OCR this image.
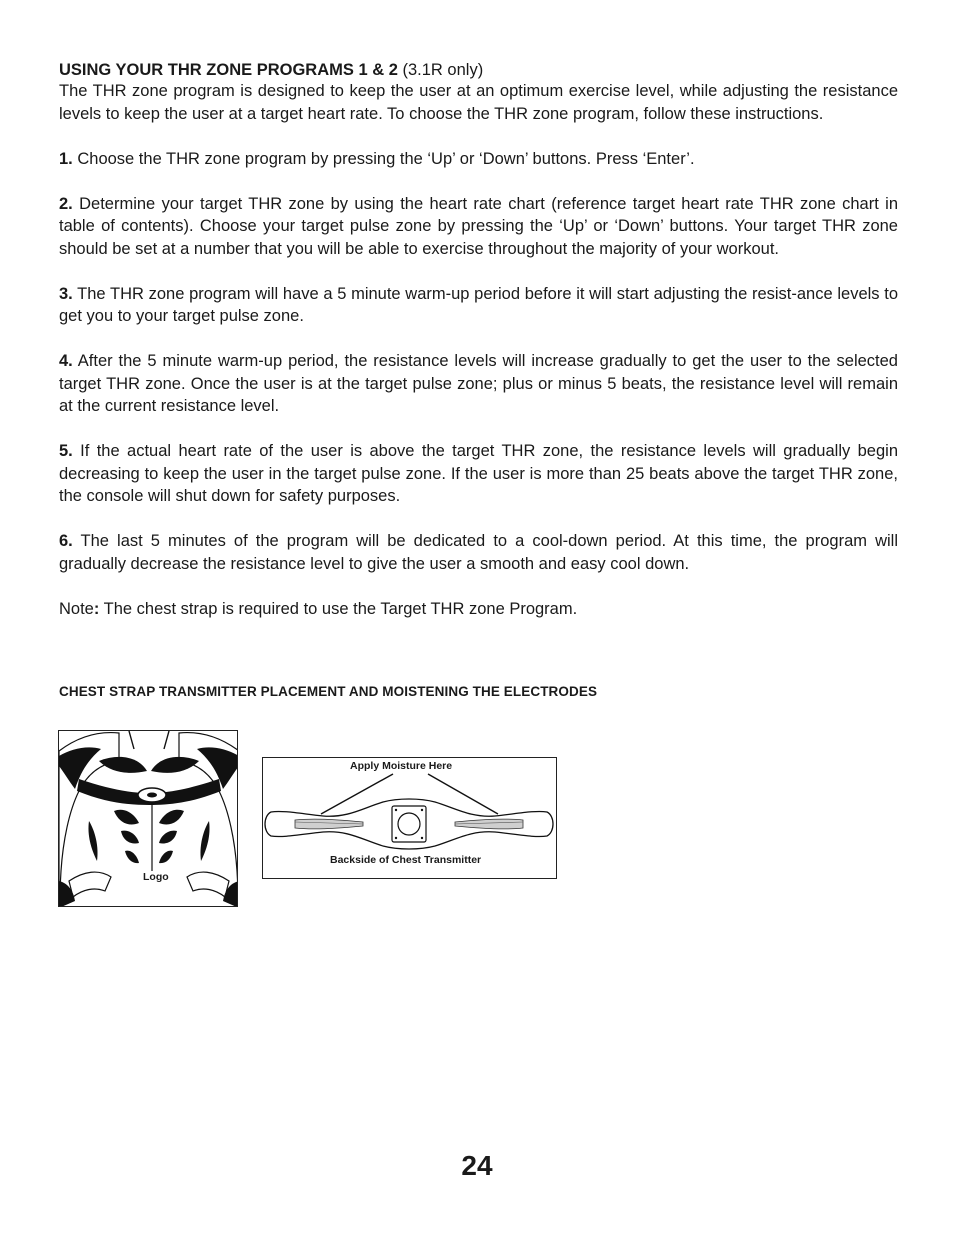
USING YOUR THR ZONE PROGRAMS 1 & 2 (3.1R only)

The THR zone program is designed to keep the user at an optimum exercise level, while adjusting the resistance levels to keep the user at a target heart rate. To choose the THR zone program, follow these instructions.

1. Choose the THR zone program by pressing the ‘Up’ or ‘Down’ buttons. Press ‘Enter’.

2. Determine your target THR zone by using the heart rate chart (reference target heart rate THR zone chart in table of contents). Choose your target pulse zone by pressing the ‘Up’ or ‘Down’ buttons. Your target THR zone should be set at a number that you will be able to exercise throughout the majority of your workout.

3. The THR zone program will have a 5 minute warm-up period before it will start adjusting the resist-ance levels to get you to your target pulse zone.

4. After the 5 minute warm-up period, the resistance levels will increase gradually to get the user to the selected target THR zone. Once the user is at the target pulse zone; plus or minus 5 beats, the resistance level will remain at the current resistance level.

5. If the actual heart rate of the user is above the target THR zone, the resistance levels will gradually begin decreasing to keep the user in the target pulse zone. If the user is more than 25 beats above the target THR zone, the console will shut down for safety purposes.

6. The last 5 minutes of the program will be dedicated to a cool-down period. At this time, the program will gradually decrease the resistance level to give the user a smooth and easy cool down.

Note: The chest strap is required to use the Target THR zone Program.

CHEST STRAP TRANSMITTER PLACEMENT AND MOISTENING THE ELECTRODES
Logo
Apply Moisture Here
Backside of Chest Transmitter
24
